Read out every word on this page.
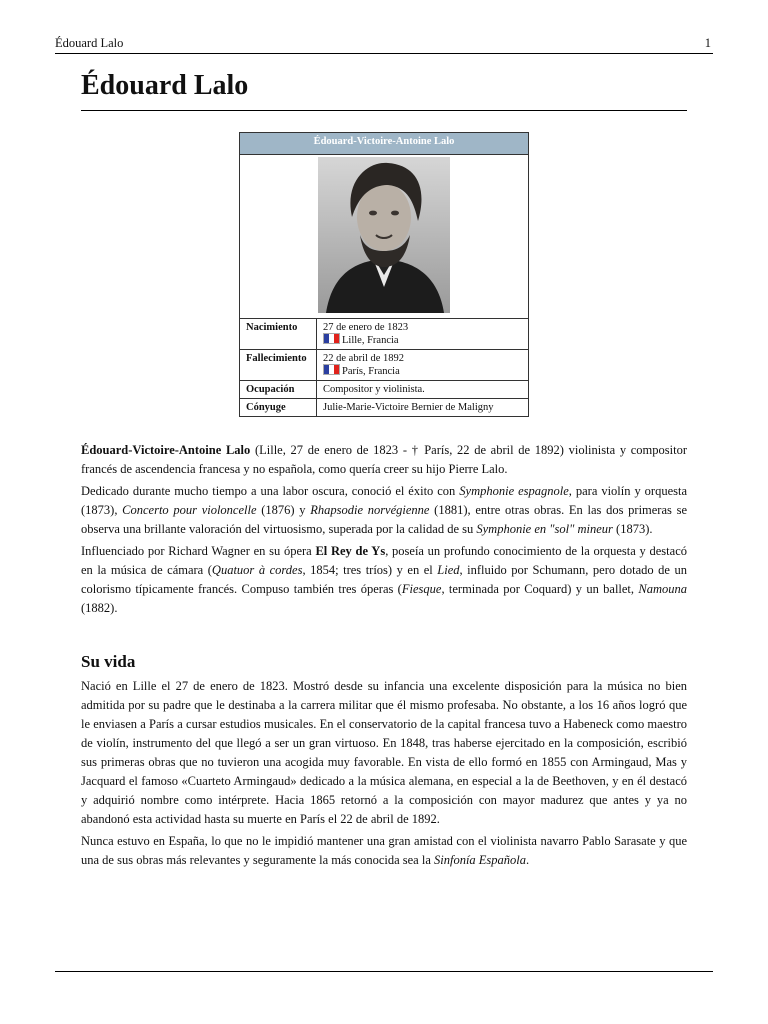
Édouard Lalo	1
Édouard Lalo
Édouard-Victoire-Antoine Lalo	

Nacimiento	27 de enero de 1823
Lille, Francia

Fallecimiento	22 de abril de 1892
París, Francia

Ocupación	Compositor y violinista.
Cónyuge	Julie-Marie-Victoire Bernier de Maligny

Édouard-Victoire-Antoine Lalo (Lille, 27 de enero de 1823 - † París, 22 de abril de 1892) violinista y compositor francés de ascendencia francesa y no española, como quería creer su hijo Pierre Lalo.

Dedicado durante mucho tiempo a una labor oscura, conoció el éxito con Symphonie espagnole, para violín y orquesta (1873), Concerto pour violoncelle (1876) y Rhapsodie norvégienne (1881), entre otras obras. En las dos primeras se observa una brillante valoración del virtuosismo, superada por la calidad de su Symphonie en "sol" mineur (1873).

Influenciado por Richard Wagner en su ópera El Rey de Ys, poseía un profundo conocimiento de la orquesta y destacó en la música de cámara (Quatuor à cordes, 1854; tres tríos) y en el Lied, influido por Schumann, pero dotado de un colorismo típicamente francés. Compuso también tres óperas (Fiesque, terminada por Coquard) y un ballet, Namouna (1882).

Su vida

Nació en Lille el 27 de enero de 1823. Mostró desde su infancia una excelente disposición para la música no bien admitida por su padre que le destinaba a la carrera militar que él mismo profesaba. No obstante, a los 16 años logró que le enviasen a París a cursar estudios musicales. En el conservatorio de la capital francesa tuvo a Habeneck como maestro de violín, instrumento del que llegó a ser un gran virtuoso. En 1848, tras haberse ejercitado en la composición, escribió sus primeras obras que no tuvieron una acogida muy favorable. En vista de ello formó en 1855 con Armingaud, Mas y Jacquard el famoso «Cuarteto Armingaud» dedicado a la música alemana, en especial a la de Beethoven, y en él destacó y adquirió nombre como intérprete. Hacia 1865 retornó a la composición con mayor madurez que antes y ya no abandonó esta actividad hasta su muerte en París el 22 de abril de 1892.

Nunca estuvo en España, lo que no le impidió mantener una gran amistad con el violinista navarro Pablo Sarasate y que una de sus obras más relevantes y seguramente la más conocida sea la Sinfonía Española.
